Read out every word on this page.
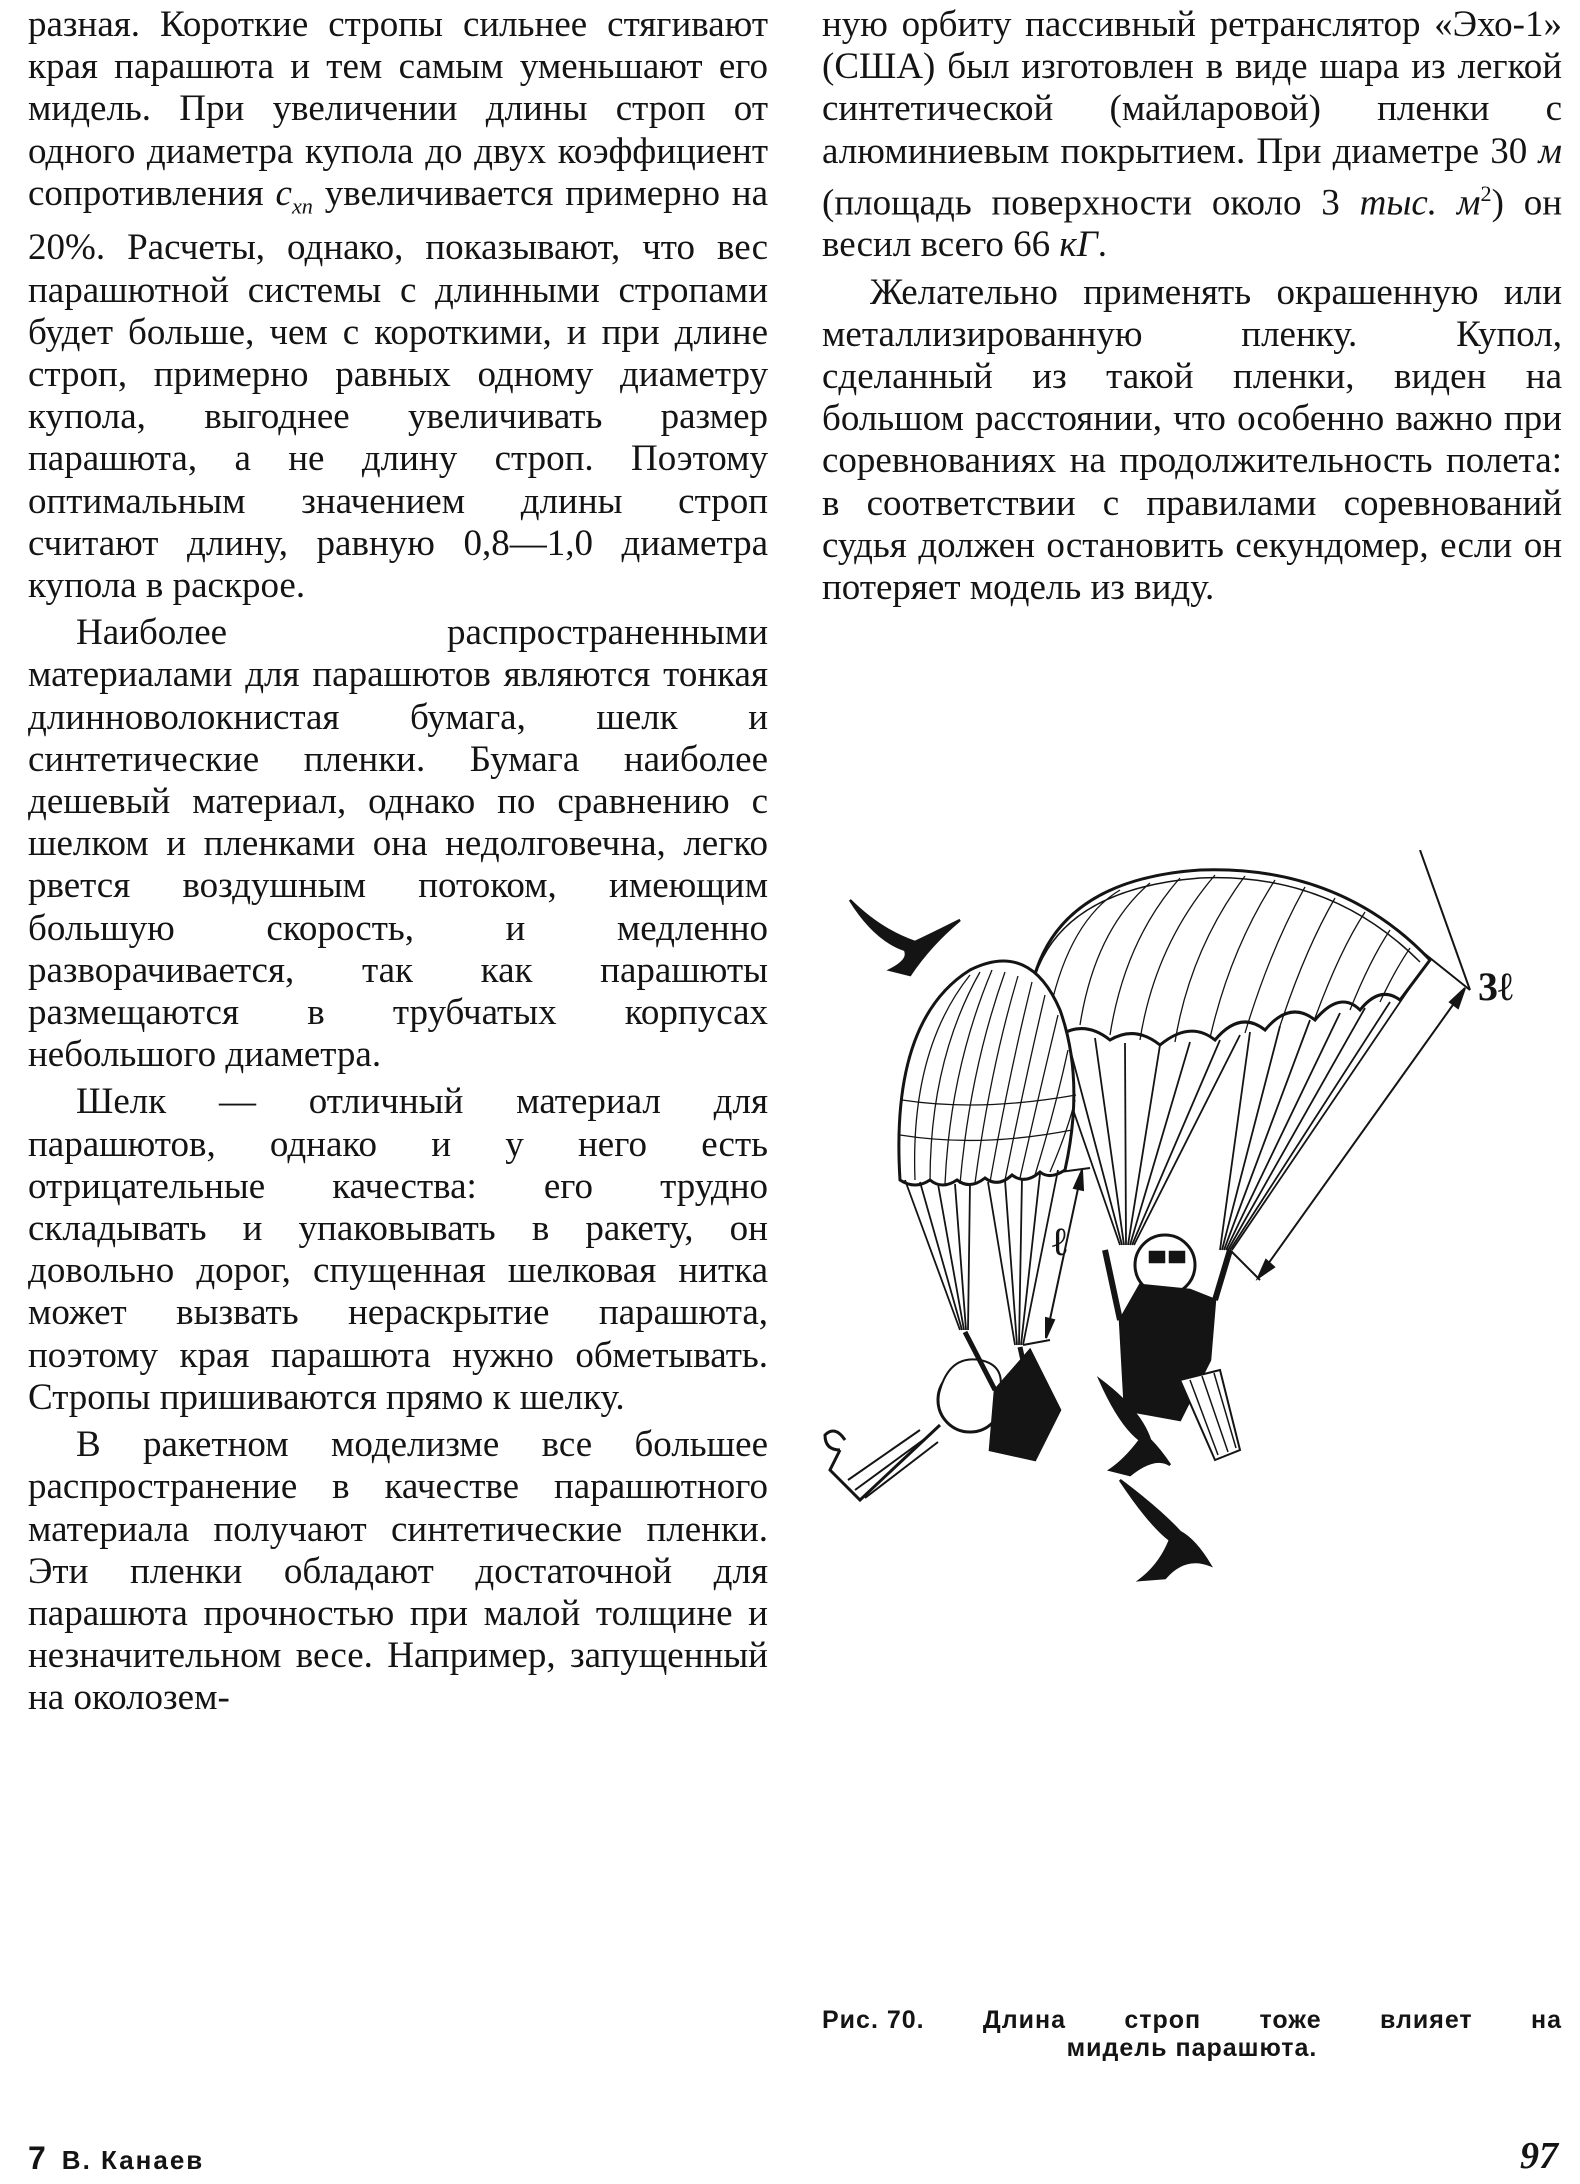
разная. Короткие стропы сильнее стягивают края парашюта и тем самым уменьшают его мидель. При увеличении длины строп от одного диаметра купола до двух коэффициент сопротивления $c_{хп}$ увеличивается примерно на 20%. Расчеты, однако, показывают, что вес парашютной системы с длинными стропами будет больше, чем с короткими, и при длине строп, примерно равных одному диаметру купола, выгоднее увеличивать размер парашюта, а не длину строп. Поэтому оптимальным значением длины строп считают длину, равную 0,8—1,0 диаметра купола в раскрое.

Наиболее распространенными материалами для парашютов являются тонкая длинноволокнистая бумага, шелк и синтетические пленки. Бумага наиболее дешевый материал, однако по сравнению с шелком и пленками она недолговечна, легко рвется воздушным потоком, имеющим большую скорость, и медленно разворачивается, так как парашюты размещаются в трубчатых корпусах небольшого диаметра.

Шелк — отличный материал для парашютов, однако и у него есть отрицательные качества: его трудно складывать и упаковывать в ракету, он довольно дорог, спущенная шелковая нитка может вызвать нераскрытие парашюта, поэтому края парашюта нужно обметывать. Стропы пришиваются прямо к шелку.

В ракетном моделизме все большее распространение в качестве парашютного материала получают синтетические пленки. Эти пленки обладают достаточной для парашюта прочностью при малой толщине и незначительном весе. Например, запущенный на околозем-

ную орбиту пассивный ретранслятор «Эхо-1» (США) был изготовлен в виде шара из легкой синтетической (майларовой) пленки с алюминиевым покрытием. При диаметре 30 м (площадь поверхности около 3 тыс. $м^2$) он весил всего 66 кГ.

Желательно применять окрашенную или металлизированную пленку. Купол, сделанный из такой пленки, виден на большом расстоянии, что особенно важно при соревнованиях на продолжительность полета: в соответствии с правилами соревнований судья должен остановить секундомер, если он потеряет модель из виду.

3ℓ
ℓ
Рис. 70. Длина строп тоже влияет на
мидель парашюта.
7 В. Канаев	97
